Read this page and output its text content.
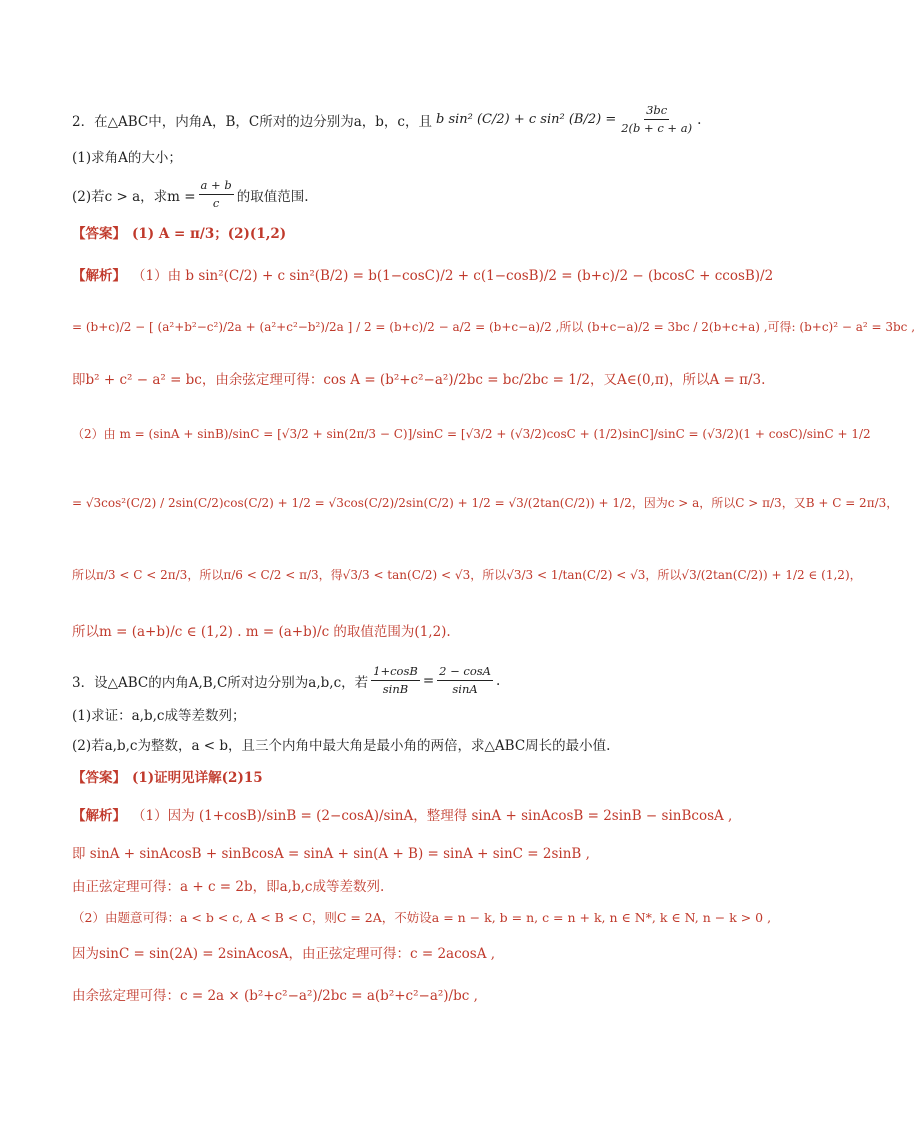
2．在△ABC中，内角A，B，C所对的边分别为a，b，c，且 b sin² (C/2) + c sin² $(B/2) = \frac{3bc}{2(b + c + a)}$ .
(1)求角A的大小；
(2)若c > a，求$m = \frac{a + b}{c}$ 的取值范围.
【答案】 (1) A = π/3；(2)(1,2)
【解析】 （1）由 b sin²(C/2) + c sin²(B/2) = b(1−cosC)/2 + c(1−cosB)/2 = (b+c)/2 − (bcosC + ccosB)/2
= (b+c)/2 − [ (a²+b²−c²)/2a + (a²+c²−b²)/2a ] / 2 = (b+c)/2 − a/2 = (b+c−a)/2 ,所以 (b+c−a)/2 = 3bc / 2(b+c+a) ,可得: (b+c)² − a² = 3bc ,
即b² + c² − a² = bc，由余弦定理可得：cos A = (b²+c²−a²)/2bc = bc/2bc = 1/2，又A∈(0,π)，所以A = π/3.
（2）由 m = (sinA + sinB)/sinC = [√3/2 + sin(2π/3 − C)]/sinC = [√3/2 + (√3/2)cosC + (1/2)sinC]/sinC = (√3/2)(1 + cosC)/sinC + 1/2
= √3cos²(C/2) / 2sin(C/2)cos(C/2) + 1/2 = √3cos(C/2)/2sin(C/2) + 1/2 = √3/(2tan(C/2)) + 1/2，因为c > a，所以C > π/3，又B + C = 2π/3，
所以π/3 < C < 2π/3，所以π/6 < C/2 < π/3，得√3/3 < tan(C/2) < √3，所以√3/3 < 1/tan(C/2) < √3，所以√3/(2tan(C/2)) + 1/2 ∈ (1,2)，
所以m = (a+b)/c ∈ (1,2) . m = (a+b)/c 的取值范围为(1,2).
3．设△ABC的内角A,B,C所对边分别为a,b,c，若 $\frac{1+\cos B}{\sin B} = \frac{2 - \cos A}{\sin A}$ .
(1)求证：a,b,c成等差数列；
(2)若a,b,c为整数，a < b，且三个内角中最大角是最小角的两倍，求△ABC周长的最小值.
【答案】 (1)证明见详解(2)15
【解析】 （1）因为 (1+cosB)/sinB = (2−cosA)/sinA，整理得 sinA + sinAcosB = 2sinB − sinBcosA ,
即 sinA + sinAcosB + sinBcosA = sinA + sin(A + B) = sinA + sinC = 2sinB ,
由正弦定理可得：a + c = 2b，即a,b,c成等差数列.
（2）由题意可得：a < b < c, A < B < C，则C = 2A，不妨设a = n − k, b = n, c = n + k, n ∈ N*, k ∈ N, n − k > 0 ,
因为sinC = sin(2A) = 2sinAcosA，由正弦定理可得：c = 2acosA ,
由余弦定理可得：c = 2a × (b²+c²−a²)/2bc = a(b²+c²−a²)/bc ,
